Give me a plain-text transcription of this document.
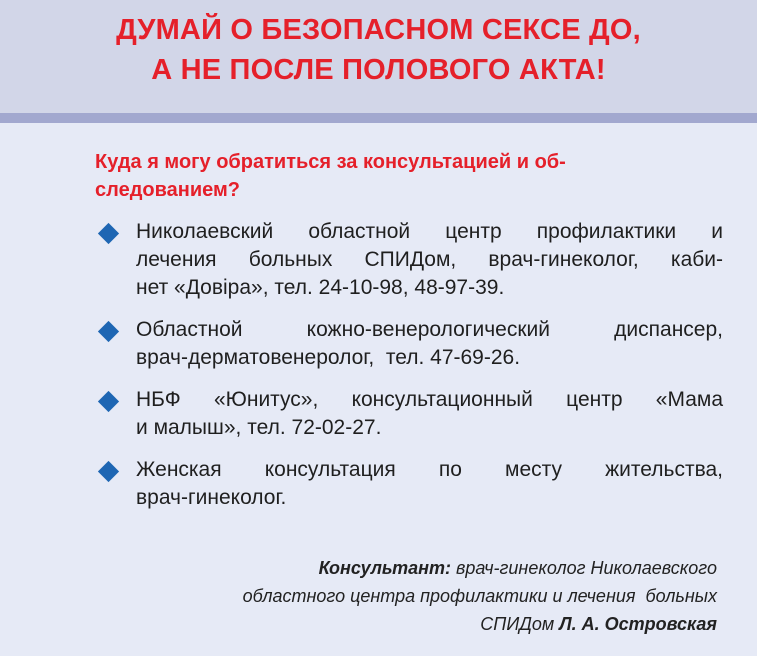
ДУМАЙ О БЕЗОПАСНОМ СЕКСЕ ДО,
А НЕ ПОСЛЕ ПОЛОВОГО АКТА!
Куда я могу обратиться за консультацией и об-
следованием?
Николаевский областной центр профилактики и
лечения больных СПИДом, врач-гинеколог, каби-
нет «Довіра», тел. 24-10-98, 48-97-39.
Областной кожно-венерологический диспансер,
врач-дерматовенеролог,  тел. 47-69-26.
НБФ «Юнитус», консультационный центр «Мама
и малыш», тел. 72-02-27.
Женская консультация по месту жительства,
врач-гинеколог.
Консультант: врач-гинеколог Николаевского
областного центра профилактики и лечения  больных
СПИДом Л. А. Островская
